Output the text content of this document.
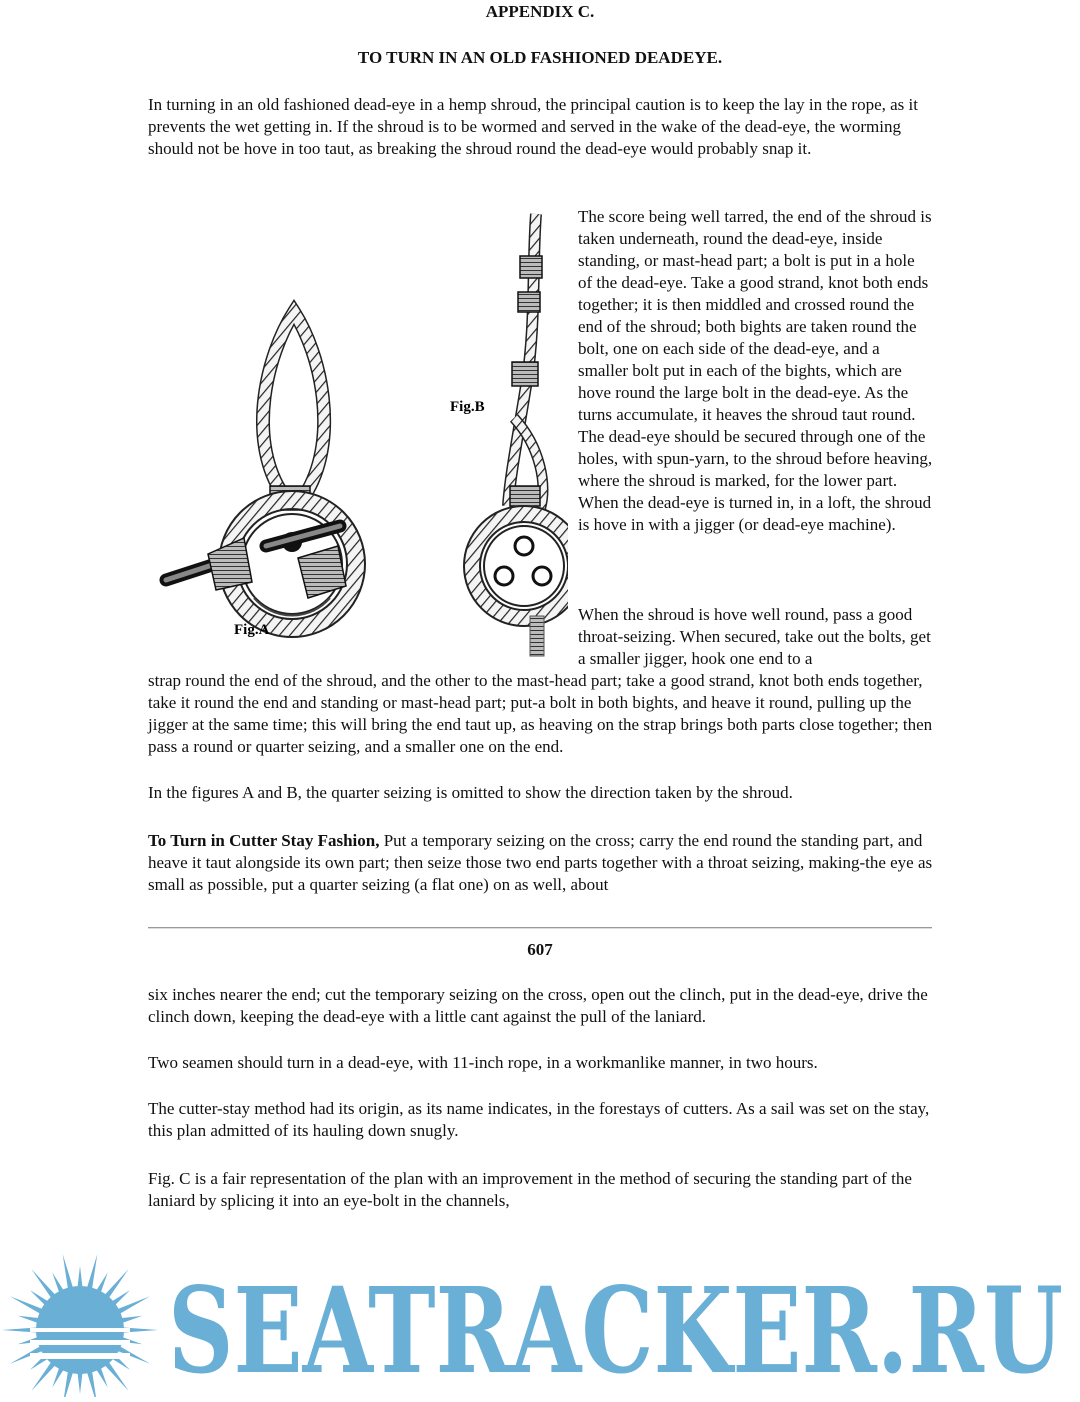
APPENDIX C.

TO TURN IN AN OLD FASHIONED DEADEYE.

In turning in an old fashioned dead-eye in a hemp shroud, the principal caution is to keep the lay in the rope, as it prevents the wet getting in. If the shroud is to be wormed and served in the wake of the dead-eye, the worming should not be hove in too taut, as breaking the shroud round the dead-eye would probably snap it.

Fig.A
Fig.B

The score being well tarred, the end of the shroud is taken underneath, round the dead-eye, inside standing, or mast-head part; a bolt is put in a hole of the dead-eye. Take a good strand, knot both ends together; it is then middled and crossed round the end of the shroud; both bights are taken round the bolt, one on each side of the dead-eye, and a smaller bolt put in each of the bights, which are hove round the large bolt in the dead-eye. As the turns accumulate, it heaves the shroud taut round. The dead-eye should be secured through one of the holes, with spun-yarn, to the shroud before heaving, where the shroud is marked, for the lower part. When the dead-eye is turned in, in a loft, the shroud is hove in with a jigger (or dead-eye machine).

When the shroud is hove well round, pass a good throat-seizing. When secured, take out the bolts, get a smaller jigger, hook one end to a

strap round the end of the shroud, and the other to the mast-head part; take a good strand, knot both ends together, take it round the end and standing or mast-head part; put-a bolt in both bights, and heave it round, pulling up the jigger at the same time; this will bring the end taut up, as heaving on the strap brings both parts close together; then pass a round or quarter seizing, and a smaller one on the end.

In the figures A and B, the quarter seizing is omitted to show the direction taken by the shroud.

To Turn in Cutter Stay Fashion, Put a temporary seizing on the cross; carry the end round the standing part, and heave it taut alongside its own part; then seize those two end parts together with a throat seizing, making-the eye as small as possible, put a quarter seizing (a flat one) on as well, about

607

six inches nearer the end; cut the temporary seizing on the cross, open out the clinch, put in the dead-eye, drive the clinch down, keeping the dead-eye with a little cant against the pull of the laniard.

Two seamen should turn in a dead-eye, with 11-inch rope, in a workmanlike manner, in two hours.

The cutter-stay method had its origin, as its name indicates, in the forestays of cutters. As a sail was set on the stay, this plan admitted of its hauling down snugly.

Fig. C is a fair representation of the plan with an improvement in the method of securing the standing part of the laniard by splicing it into an eye-bolt in the channels,

SEATRACKER.RU
